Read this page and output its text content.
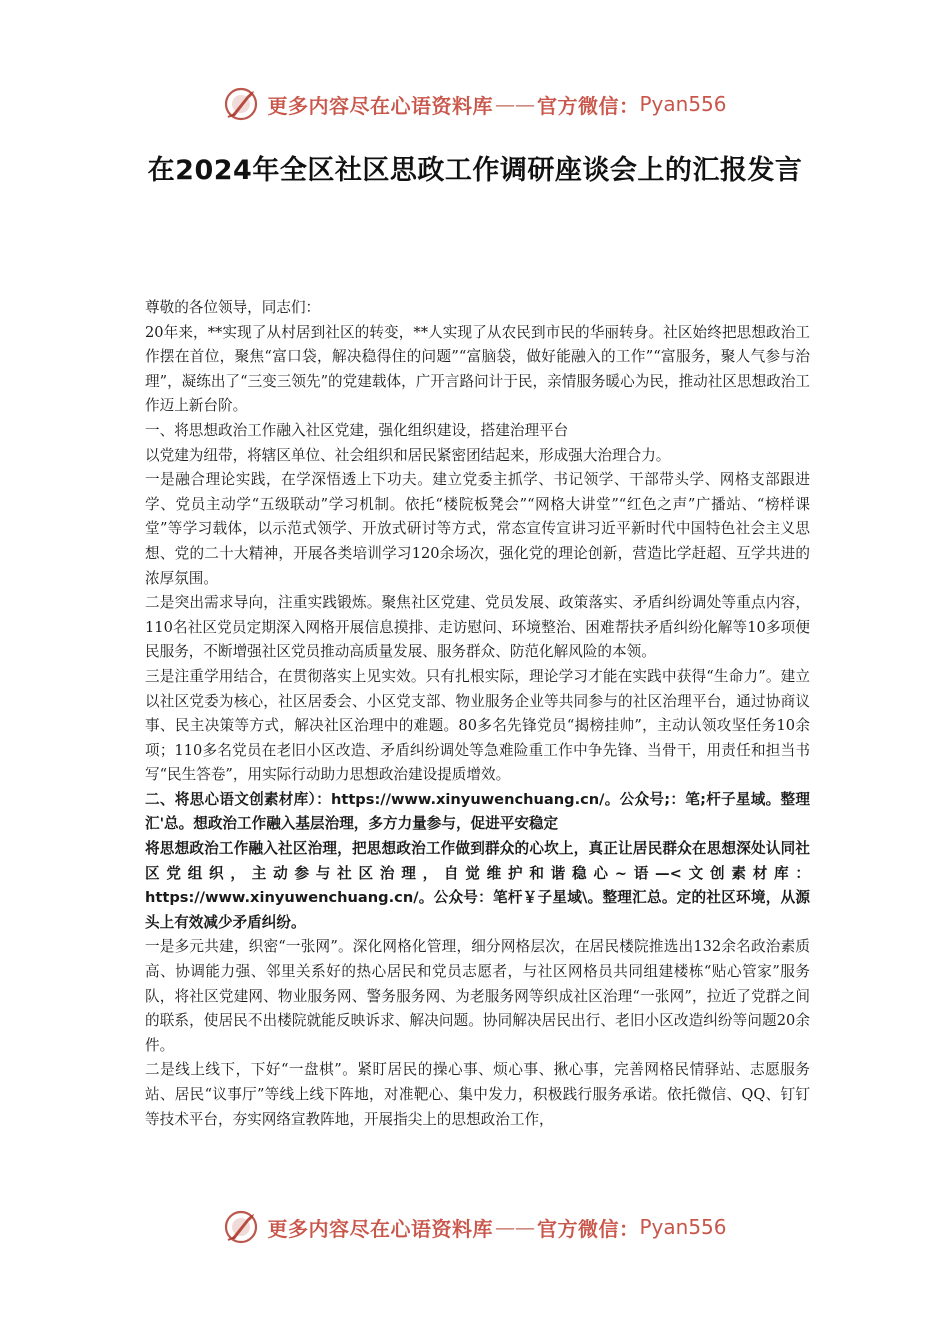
更多内容尽在心语资料库 —— 官方微信： Pyan556
在2024年全区社区思政工作调研座谈会上的汇报发言

尊敬的各位领导，同志们：

20年来，**实现了从村居到社区的转变，**人实现了从农民到市民的华丽转身。社区始终把思想政治工作摆在首位，聚焦“富口袋，解决稳得住的问题”“富脑袋，做好能融入的工作”“富服务，聚人气参与治理”，凝练出了“三变三领先”的党建载体，广开言路问计于民，亲情服务暖心为民，推动社区思想政治工作迈上新台阶。

一、将思想政治工作融入社区党建，强化组织建设，搭建治理平台

以党建为纽带，将辖区单位、社会组织和居民紧密团结起来，形成强大治理合力。

一是融合理论实践，在学深悟透上下功夫。建立党委主抓学、书记领学、干部带头学、网格支部跟进学、党员主动学“五级联动”学习机制。依托“楼院板凳会”“网格大讲堂”“红色之声”广播站、“榜样课堂”等学习载体，以示范式领学、开放式研讨等方式，常态宣传宣讲习近平新时代中国特色社会主义思想、党的二十大精神，开展各类培训学习120余场次，强化党的理论创新，营造比学赶超、互学共进的浓厚氛围。

二是突出需求导向，注重实践锻炼。聚焦社区党建、党员发展、政策落实、矛盾纠纷调处等重点内容，110名社区党员定期深入网格开展信息摸排、走访慰问、环境整治、困难帮扶矛盾纠纷化解等10多项便民服务，不断增强社区党员推动高质量发展、服务群众、防范化解风险的本领。

三是注重学用结合，在贯彻落实上见实效。只有扎根实际，理论学习才能在实践中获得“生命力”。建立以社区党委为核心，社区居委会、小区党支部、物业服务企业等共同参与的社区治理平台，通过协商议事、民主决策等方式，解决社区治理中的难题。80多名先锋党员“揭榜挂帅”，主动认领攻坚任务10余项；110多名党员在老旧小区改造、矛盾纠纷调处等急难险重工作中争先锋、当骨干，用责任和担当书写“民生答卷”，用实际行动助力思想政治建设提质增效。

二、将思心语文创素材库）：https://www.xinyuwenchuang.cn/。公众号;：笔;杆子星域。整理汇'总。想政治工作融入基层治理，多方力量参与，促进平安稳定

将思想政治工作融入社区治理，把思想政治工作做到群众的心坎上，真正让居民群众在思想深处认同社区党组织，主动参与社区治理，自觉维护和谐稳心~语—<文创素材库：https://www.xinyuwenchuang.cn/。公众号：笔杆￥子星域\。整理汇总。定的社区环境，从源头上有效减少矛盾纠纷。

一是多元共建，织密“一张网”。深化网格化管理，细分网格层次，在居民楼院推选出132余名政治素质高、协调能力强、邻里关系好的热心居民和党员志愿者，与社区网格员共同组建楼栋“贴心管家”服务队，将社区党建网、物业服务网、警务服务网、为老服务网等织成社区治理“一张网”，拉近了党群之间的联系，使居民不出楼院就能反映诉求、解决问题。协同解决居民出行、老旧小区改造纠纷等问题20余件。

二是线上线下，下好“一盘棋”。紧盯居民的操心事、烦心事、揪心事，完善网格民情驿站、志愿服务站、居民“议事厅”等线上线下阵地，对准靶心、集中发力，积极践行服务承诺。依托微信、QQ、钉钉等技术平台，夯实网络宣教阵地，开展指尖上的思想政治工作，

更多内容尽在心语资料库 —— 官方微信： Pyan556
